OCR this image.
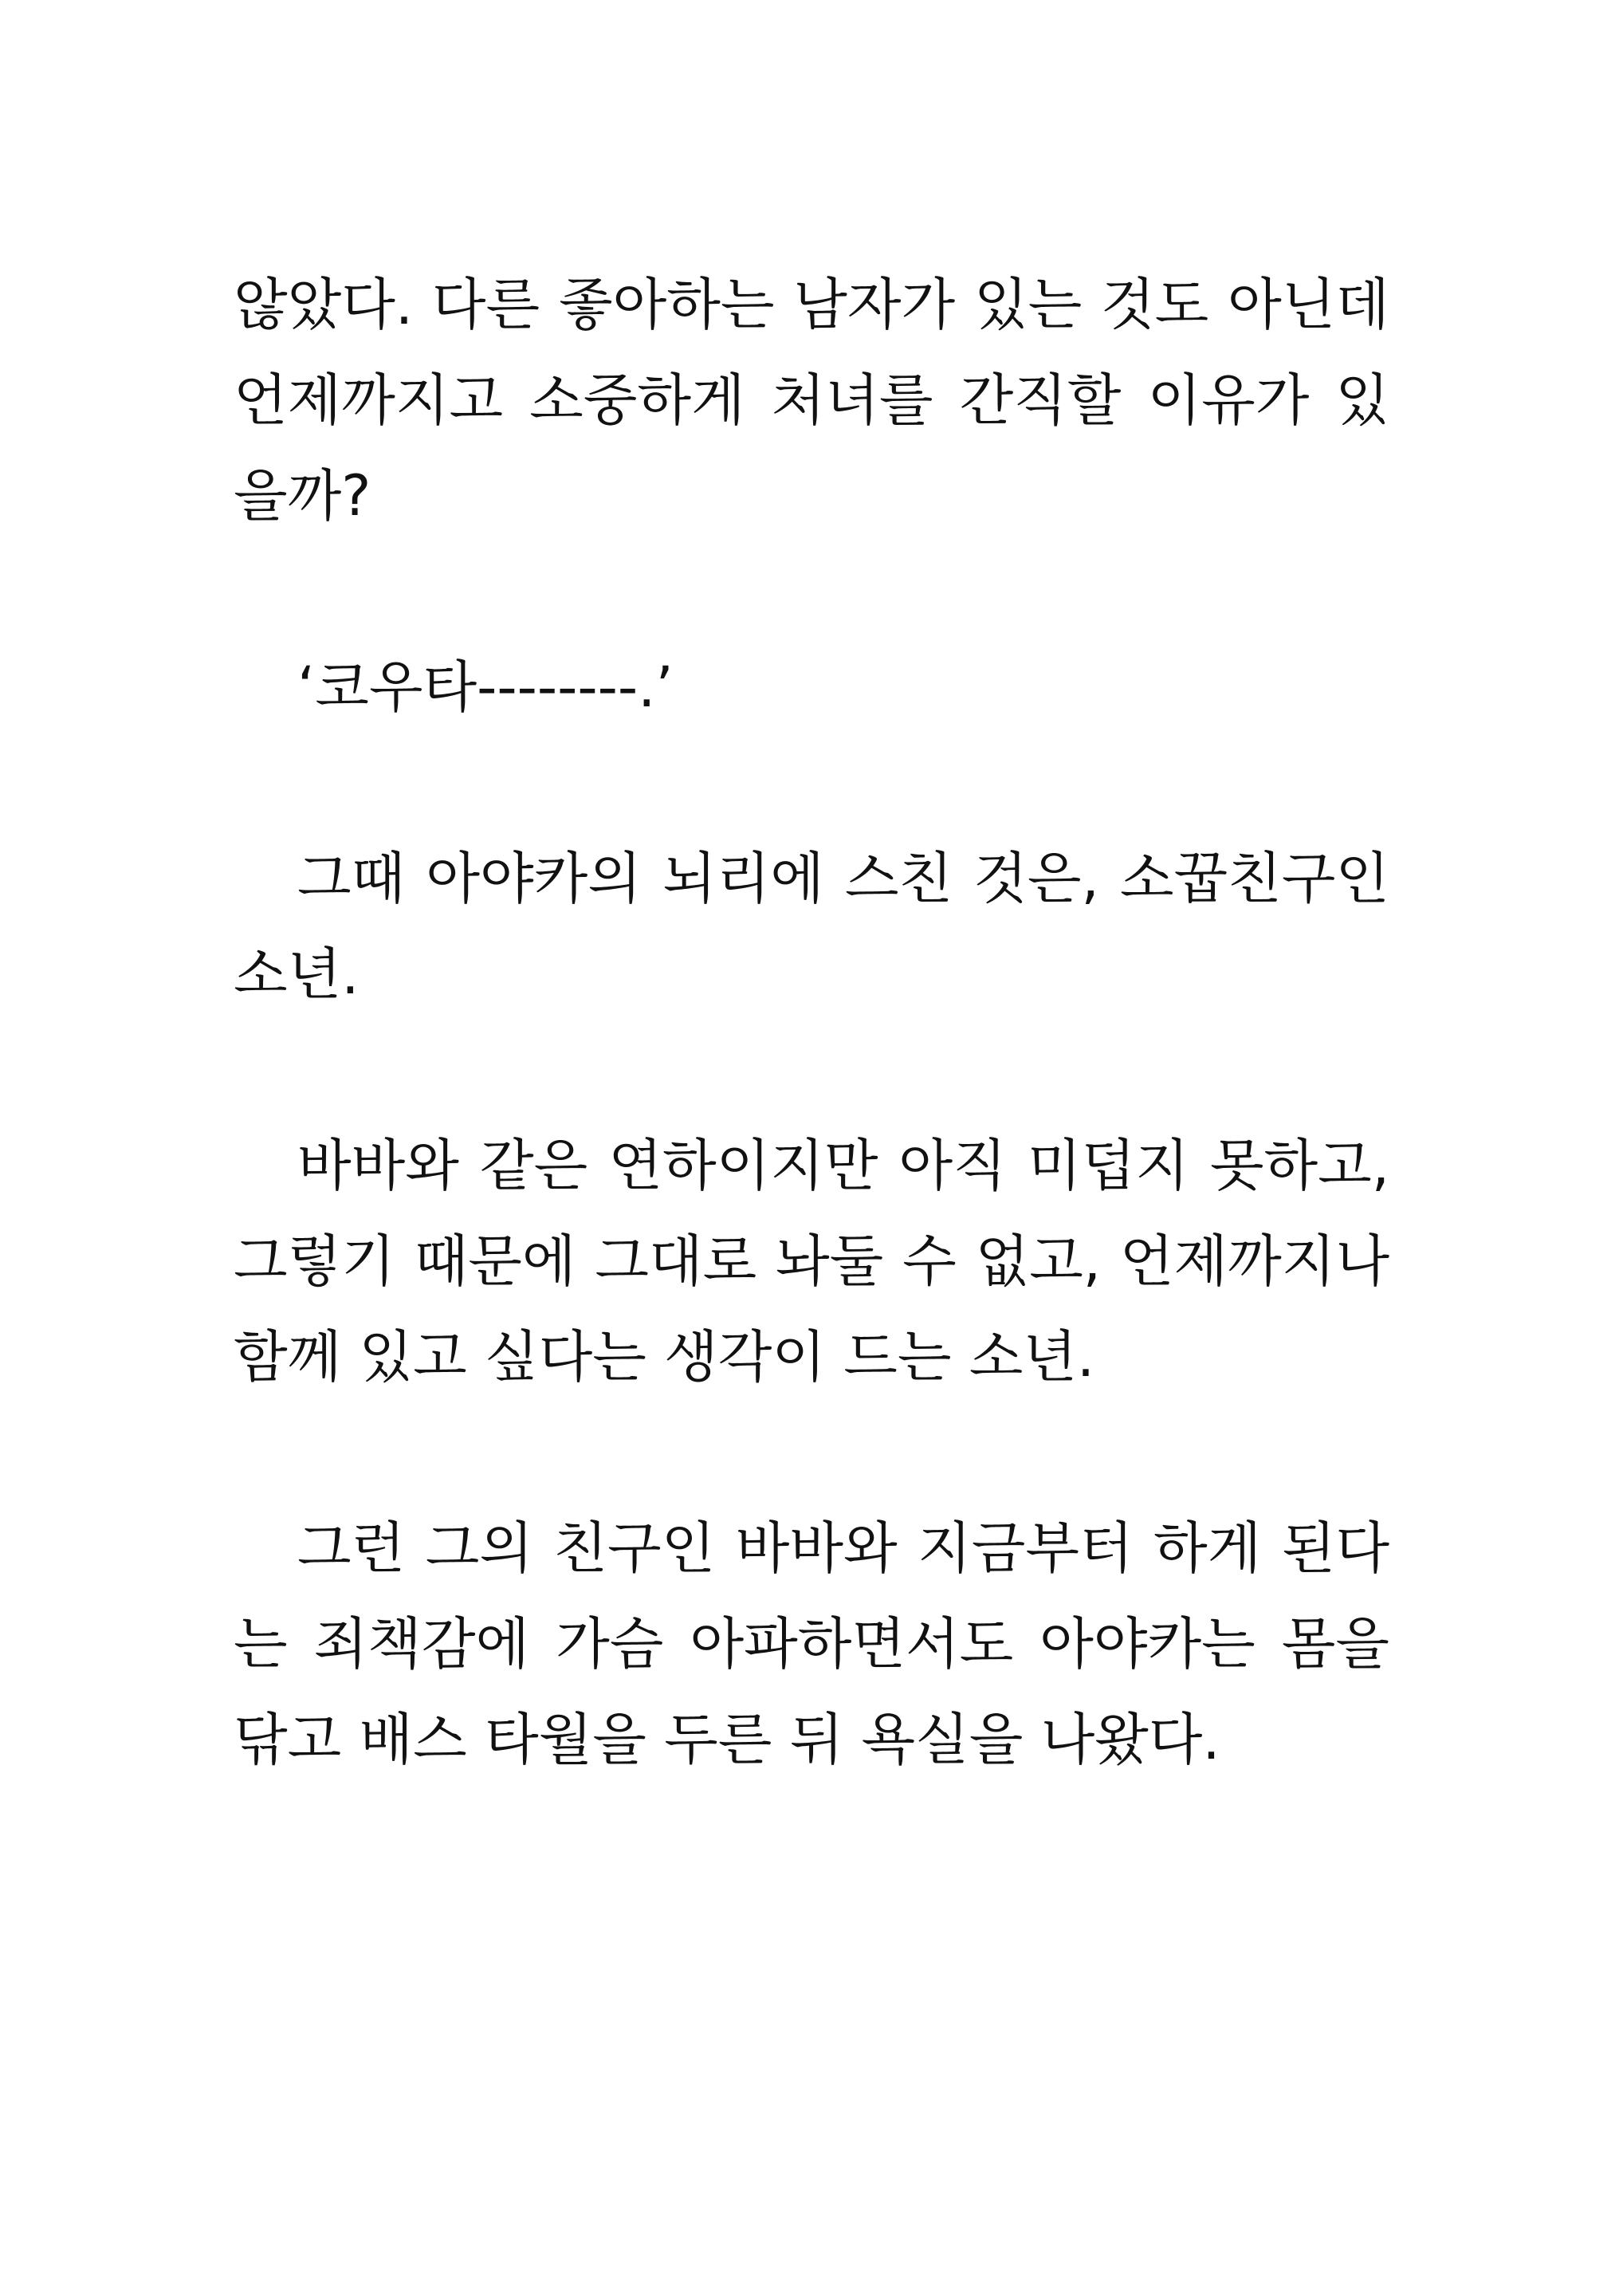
않았다. 다른 좋아하는 남자가 있는 것도 아닌데 언제까지고 소중하게 처녀를 간직할 이유가 있을까?

‘코우타--------.’

그때 아야카의 뇌리에 스친 것은, 소꿉친구인 소년.

바바와 같은 연하이지만 아직 미덥지 못하고, 그렇기 때문에 그대로 놔둘 수 없고, 언제까지나 함께 있고 싶다는 생각이 드는 소년.

그런 그의 친구인 바바와 지금부터 하게 된다는 죄책감에 가슴 아파하면서도 아야카는 몸을 닦고 배스 타월을 두른 뒤 욕실을 나왔다.
